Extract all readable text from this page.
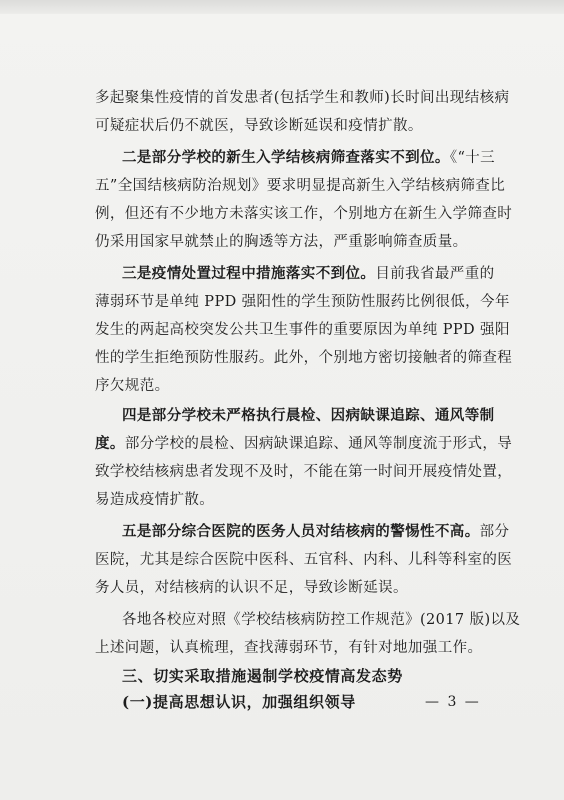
多起聚集性疫情的首发患者(包括学生和教师)长时间出现结核病
可疑症状后仍不就医，导致诊断延误和疫情扩散。
二是部分学校的新生入学结核病筛查落实不到位。《“十三
五”全国结核病防治规划》要求明显提高新生入学结核病筛查比
例，但还有不少地方未落实该工作，个别地方在新生入学筛查时
仍采用国家早就禁止的胸透等方法，严重影响筛查质量。
三是疫情处置过程中措施落实不到位。目前我省最严重的
薄弱环节是单纯 PPD 强阳性的学生预防性服药比例很低，今年
发生的两起高校突发公共卫生事件的重要原因为单纯 PPD 强阳
性的学生拒绝预防性服药。此外，个别地方密切接触者的筛查程
序欠规范。
四是部分学校未严格执行晨检、因病缺课追踪、通风等制
度。部分学校的晨检、因病缺课追踪、通风等制度流于形式，导
致学校结核病患者发现不及时，不能在第一时间开展疫情处置，
易造成疫情扩散。
五是部分综合医院的医务人员对结核病的警惕性不高。部分
医院，尤其是综合医院中医科、五官科、内科、儿科等科室的医
务人员，对结核病的认识不足，导致诊断延误。
各地各校应对照《学校结核病防控工作规范》(2017 版)以及
上述问题，认真梳理，查找薄弱环节，有针对地加强工作。
三、切实采取措施遏制学校疫情高发态势
(一)提高思想认识，加强组织领导	— 3 —
